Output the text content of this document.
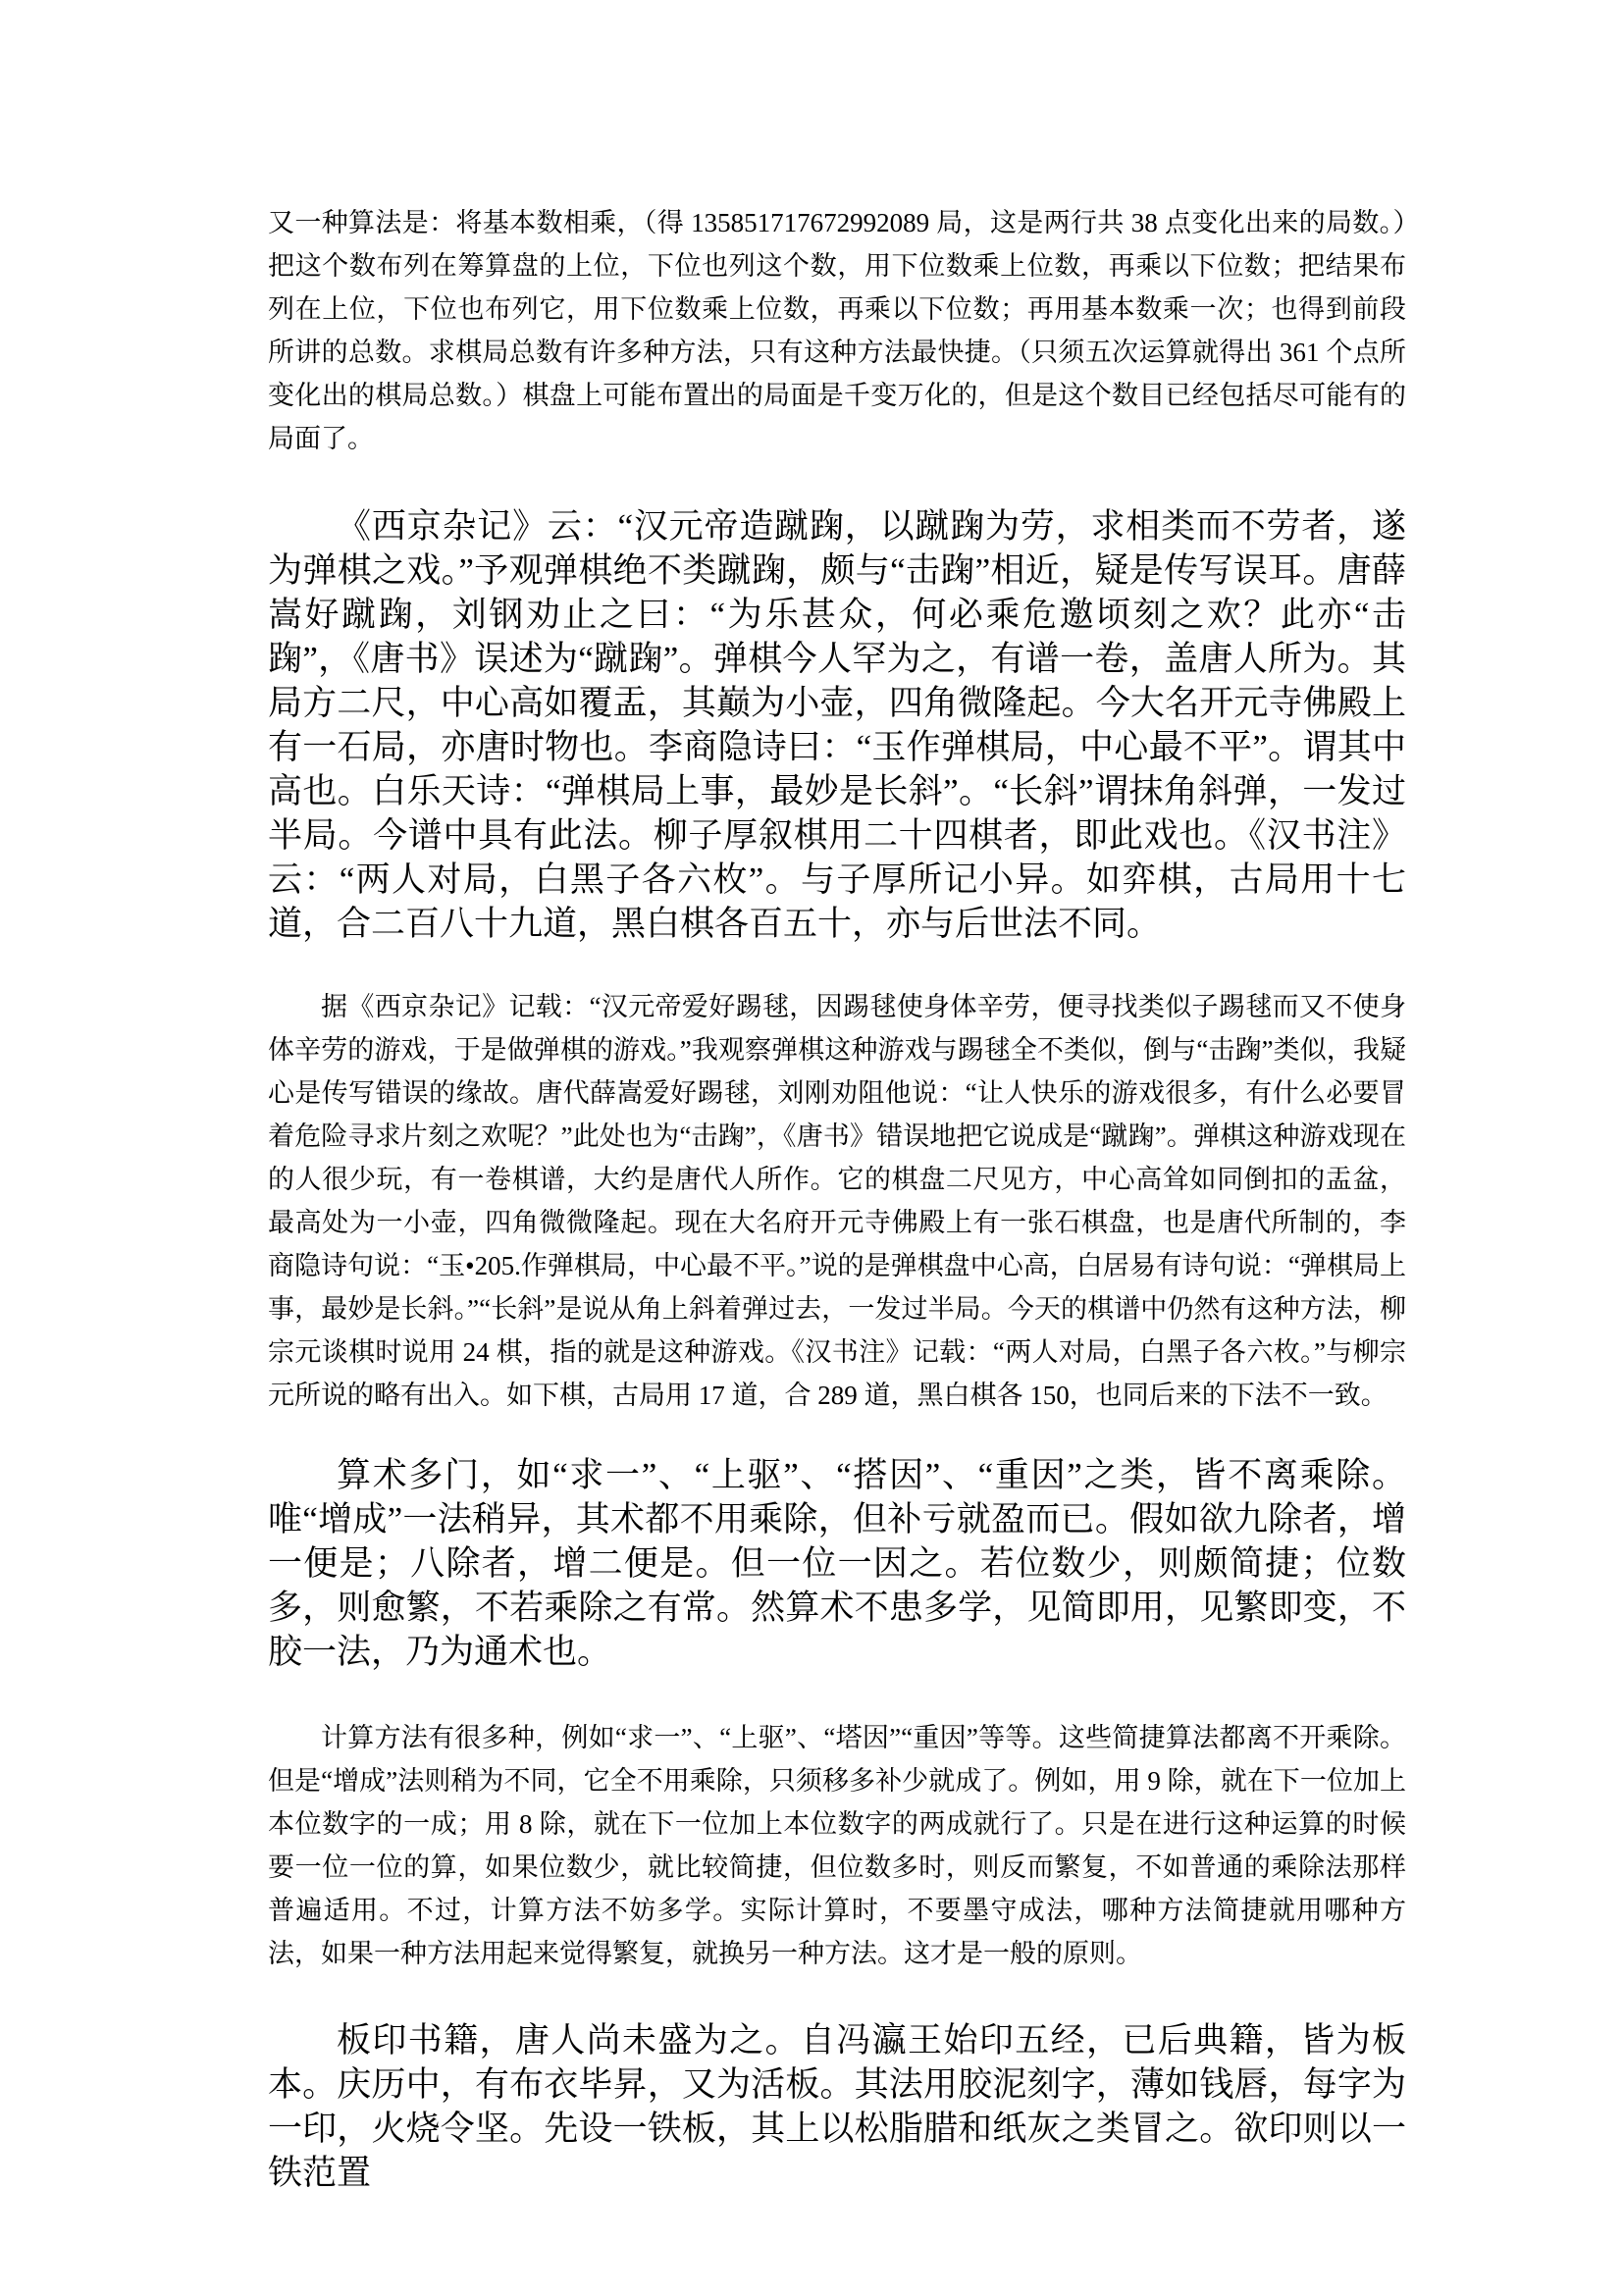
又一种算法是：将基本数相乘，（得 135851717672992089 局，这是两行共 38 点变化出来的局数。）把这个数布列在筹算盘的上位，下位也列这个数，用下位数乘上位数，再乘以下位数；把结果布列在上位，下位也布列它，用下位数乘上位数，再乘以下位数；再用基本数乘一次；也得到前段所讲的总数。求棋局总数有许多种方法，只有这种方法最快捷。（只须五次运算就得出 361 个点所变化出的棋局总数。）棋盘上可能布置出的局面是千变万化的，但是这个数目已经包括尽可能有的局面了。

《西京杂记》云：“汉元帝造蹴踘，以蹴踘为劳，求相类而不劳者，遂为弹棋之戏。”予观弹棋绝不类蹴踘，颇与“击踘”相近，疑是传写误耳。唐薛嵩好蹴踘，刘钢劝止之曰：“为乐甚众，何必乘危邀顷刻之欢？此亦“击踘”，《唐书》误述为“蹴踘”。弹棋今人罕为之，有谱一卷，盖唐人所为。其局方二尺，中心高如覆盂，其巅为小壶，四角微隆起。今大名开元寺佛殿上有一石局，亦唐时物也。李商隐诗曰：“玉作弹棋局，中心最不平”。谓其中高也。白乐天诗：“弹棋局上事，最妙是长斜”。“长斜”谓抹角斜弹，一发过半局。今谱中具有此法。柳子厚叙棋用二十四棋者，即此戏也。《汉书注》云：“两人对局，白黑子各六枚”。与子厚所记小异。如弈棋，古局用十七道，合二百八十九道，黑白棋各百五十，亦与后世法不同。

据《西京杂记》记载：“汉元帝爱好踢毬，因踢毬使身体辛劳，便寻找类似子踢毬而又不使身体辛劳的游戏，于是做弹棋的游戏。”我观察弹棋这种游戏与踢毬全不类似，倒与“击踘”类似，我疑心是传写错误的缘故。唐代薛嵩爱好踢毬，刘刚劝阻他说：“让人快乐的游戏很多，有什么必要冒着危险寻求片刻之欢呢？”此处也为“击踘”，《唐书》错误地把它说成是“蹴踘”。弹棋这种游戏现在的人很少玩，有一卷棋谱，大约是唐代人所作。它的棋盘二尺见方，中心高耸如同倒扣的盂盆，最高处为一小壶，四角微微隆起。现在大名府开元寺佛殿上有一张石棋盘，也是唐代所制的，李商隐诗句说：“玉•205.作弹棋局，中心最不平。”说的是弹棋盘中心高，白居易有诗句说：“弹棋局上事，最妙是长斜。”“长斜”是说从角上斜着弹过去，一发过半局。今天的棋谱中仍然有这种方法，柳宗元谈棋时说用 24 棋，指的就是这种游戏。《汉书注》记载：“两人对局，白黑子各六枚。”与柳宗元所说的略有出入。如下棋，古局用 17 道，合 289 道，黑白棋各 150，也同后来的下法不一致。

算术多门，如“求一”、“上驱”、“搭因”、“重因”之类，皆不离乘除。唯“增成”一法稍异，其术都不用乘除，但补亏就盈而已。假如欲九除者，增一便是；八除者，增二便是。但一位一因之。若位数少，则颇简捷；位数多，则愈繁，不若乘除之有常。然算术不患多学，见简即用，见繁即变，不胶一法，乃为通术也。

计算方法有很多种，例如“求一”、“上驱”、“塔因”“重因”等等。这些简捷算法都离不开乘除。但是“增成”法则稍为不同，它全不用乘除，只须移多补少就成了。例如，用 9 除，就在下一位加上本位数字的一成；用 8 除，就在下一位加上本位数字的两成就行了。只是在进行这种运算的时候要一位一位的算，如果位数少，就比较简捷，但位数多时，则反而繁复，不如普通的乘除法那样普遍适用。不过，计算方法不妨多学。实际计算时，不要墨守成法，哪种方法简捷就用哪种方法，如果一种方法用起来觉得繁复，就换另一种方法。这才是一般的原则。

板印书籍，唐人尚未盛为之。自冯瀛王始印五经，已后典籍，皆为板本。庆历中，有布衣毕昇，又为活板。其法用胶泥刻字，薄如钱唇，每字为一印，火烧令坚。先设一铁板，其上以松脂腊和纸灰之类冒之。欲印则以一铁范置
